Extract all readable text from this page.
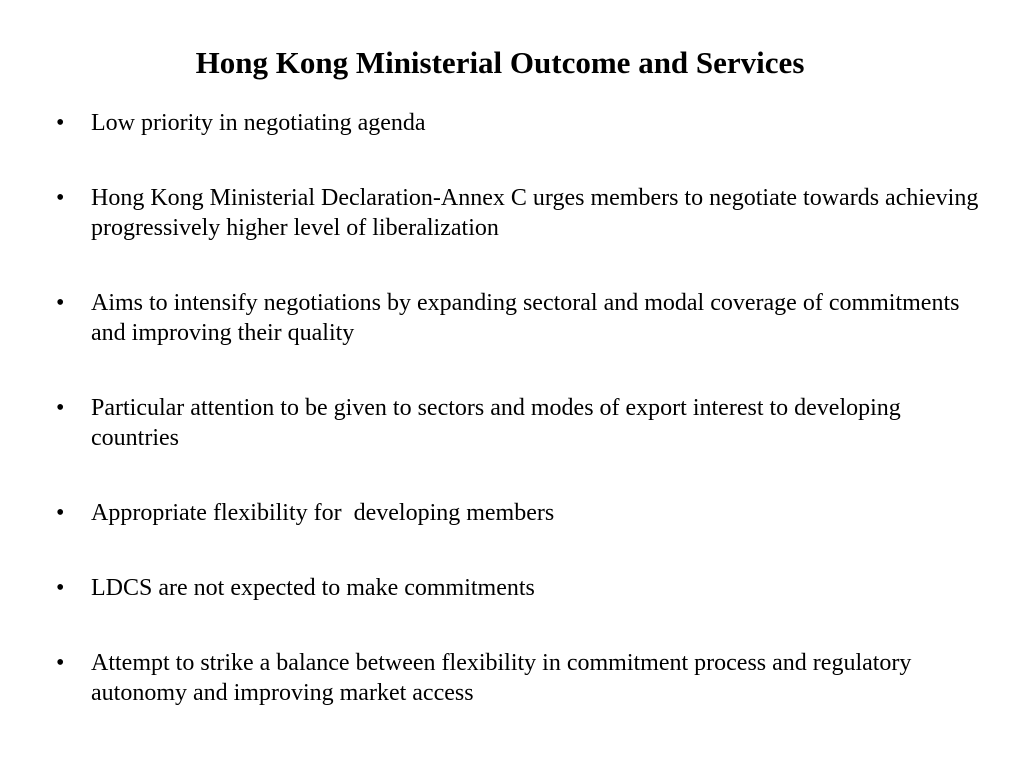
Hong Kong Ministerial Outcome and Services
•	Low priority in negotiating agenda
•	Hong Kong Ministerial Declaration-Annex C urges members to negotiate towards achieving progressively higher level of liberalization
•	Aims to intensify negotiations by expanding sectoral and modal coverage of commitments and improving their quality
•	Particular attention to be given to sectors and modes of export interest to developing countries
•	Appropriate flexibility for  developing members
•	LDCS are not expected to make commitments
•	Attempt to strike a balance between flexibility in commitment process and regulatory autonomy and improving market access
